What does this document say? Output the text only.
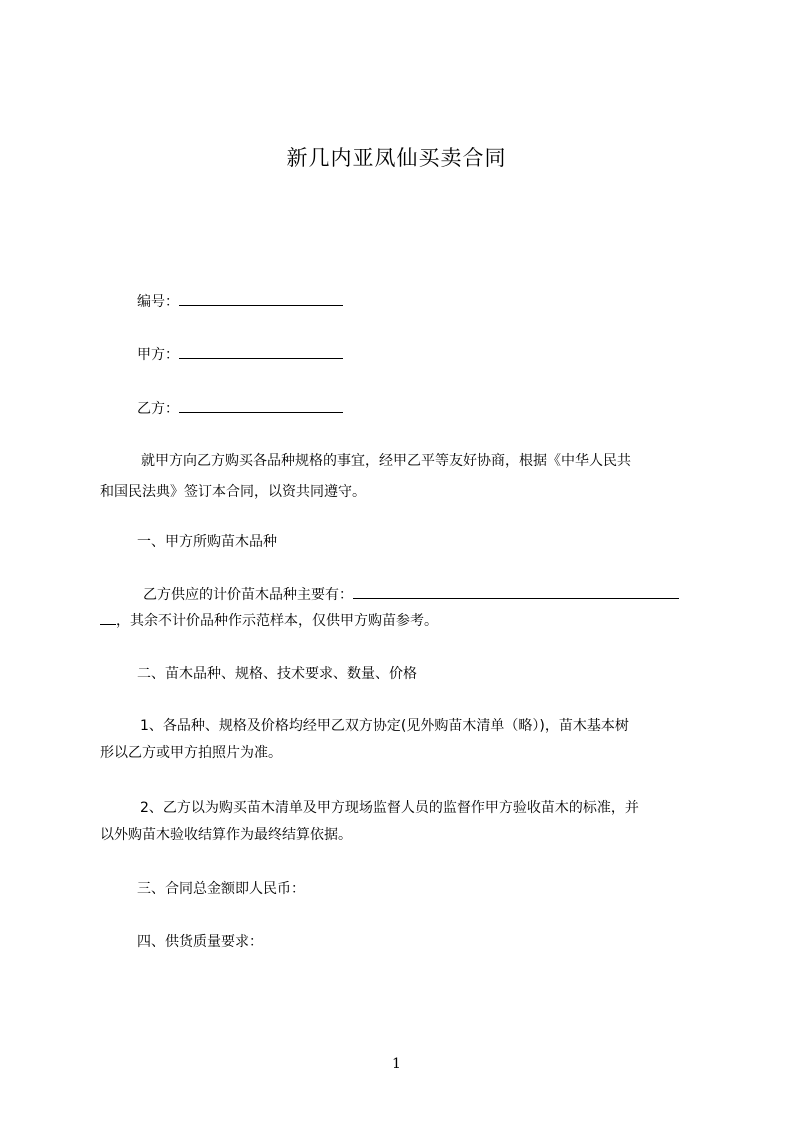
新几内亚凤仙买卖合同
编号：
甲方：
乙方：
就甲方向乙方购买各品种规格的事宜，经甲乙平等友好协商，根据《中华人民共
和国民法典》签订本合同，以资共同遵守。
一、甲方所购苗木品种
乙方供应的计价苗木品种主要有：
，其余不计价品种作示范样本，仅供甲方购苗参考。
二、苗木品种、规格、技术要求、数量、价格
1、各品种、规格及价格均经甲乙双方协定(见外购苗木清单（略）)，苗木基本树
形以乙方或甲方拍照片为准。
2、乙方以为购买苗木清单及甲方现场监督人员的监督作甲方验收苗木的标准，并
以外购苗木验收结算作为最终结算依据。
三、合同总金额即人民币：
四、供货质量要求：
1
